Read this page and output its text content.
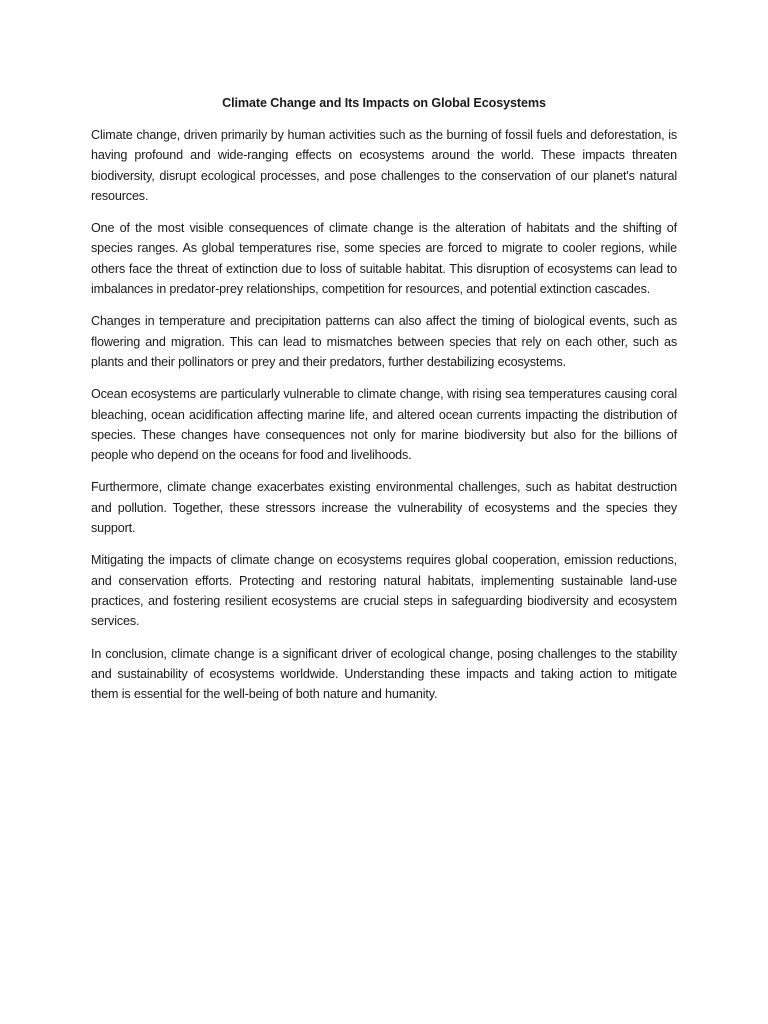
Climate Change and Its Impacts on Global Ecosystems

Climate change, driven primarily by human activities such as the burning of fossil fuels and deforestation, is having profound and wide-ranging effects on ecosystems around the world. These impacts threaten biodiversity, disrupt ecological processes, and pose challenges to the conservation of our planet's natural resources.

One of the most visible consequences of climate change is the alteration of habitats and the shifting of species ranges. As global temperatures rise, some species are forced to migrate to cooler regions, while others face the threat of extinction due to loss of suitable habitat. This disruption of ecosystems can lead to imbalances in predator-prey relationships, competition for resources, and potential extinction cascades.

Changes in temperature and precipitation patterns can also affect the timing of biological events, such as flowering and migration. This can lead to mismatches between species that rely on each other, such as plants and their pollinators or prey and their predators, further destabilizing ecosystems.

Ocean ecosystems are particularly vulnerable to climate change, with rising sea temperatures causing coral bleaching, ocean acidification affecting marine life, and altered ocean currents impacting the distribution of species. These changes have consequences not only for marine biodiversity but also for the billions of people who depend on the oceans for food and livelihoods.

Furthermore, climate change exacerbates existing environmental challenges, such as habitat destruction and pollution. Together, these stressors increase the vulnerability of ecosystems and the species they support.

Mitigating the impacts of climate change on ecosystems requires global cooperation, emission reductions, and conservation efforts. Protecting and restoring natural habitats, implementing sustainable land-use practices, and fostering resilient ecosystems are crucial steps in safeguarding biodiversity and ecosystem services.

In conclusion, climate change is a significant driver of ecological change, posing challenges to the stability and sustainability of ecosystems worldwide. Understanding these impacts and taking action to mitigate them is essential for the well-being of both nature and humanity.
